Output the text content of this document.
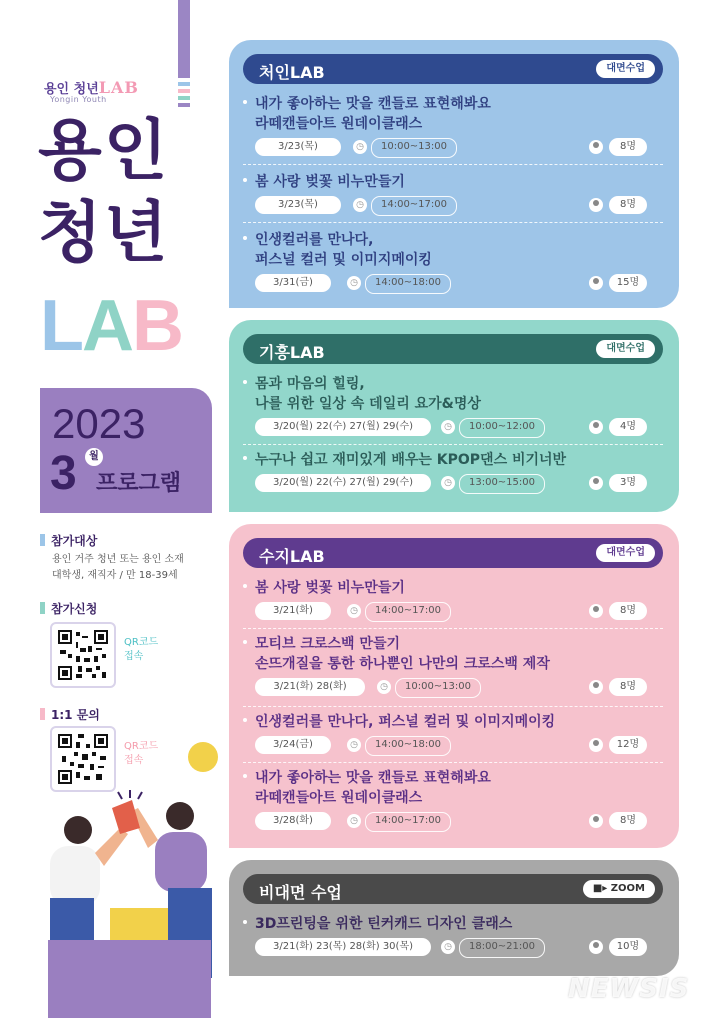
용인 청년LAB
Yongin Youth
용인
청년
LAB
2023
3	월
프로그램
참가대상
용인 거주 청년 또는 용인 소재
대학생, 재직자 / 만 18-39세
참가신청
QR코드
접속
1:1 문의
QR코드
접속
처인LAB	대면수업
내가 좋아하는 맛을 캔들로 표현해봐요
라떼캔들아트 원데이클래스
3/23(목)	◷	10:00~13:00	8명
봄 사랑 벚꽃 비누만들기
3/23(목)	◷	14:00~17:00	8명
인생컬러를 만나다,
퍼스널 컬러 및 이미지메이킹
3/31(금)	◷	14:00~18:00	15명
기흥LAB	대면수업
몸과 마음의 힐링,
나를 위한 일상 속 데일리 요가&명상
3/20(월) 22(수) 27(월) 29(수)	◷	10:00~12:00	4명
누구나 쉽고 재미있게 배우는 KPOP댄스 비기너반
3/20(월) 22(수) 27(월) 29(수)	◷	13:00~15:00	3명
수지LAB	대면수업
봄 사랑 벚꽃 비누만들기
3/21(화)	◷	14:00~17:00	8명
모티브 크로스백 만들기
손뜨개질을 통한 하나뿐인 나만의 크로스백 제작
3/21(화) 28(화)	◷	10:00~13:00	8명
인생컬러를 만나다, 퍼스널 컬러 및 이미지메이킹
3/24(금)	◷	14:00~18:00	12명
내가 좋아하는 맛을 캔들로 표현해봐요
라떼캔들아트 원데이클래스
3/28(화)	◷	14:00~17:00	8명
비대면 수업	■▸ ZOOM
3D프린팅을 위한 틴커캐드 디자인 클래스
3/21(화) 23(목) 28(화) 30(목)	◷	18:00~21:00	10명
NEWSIS
